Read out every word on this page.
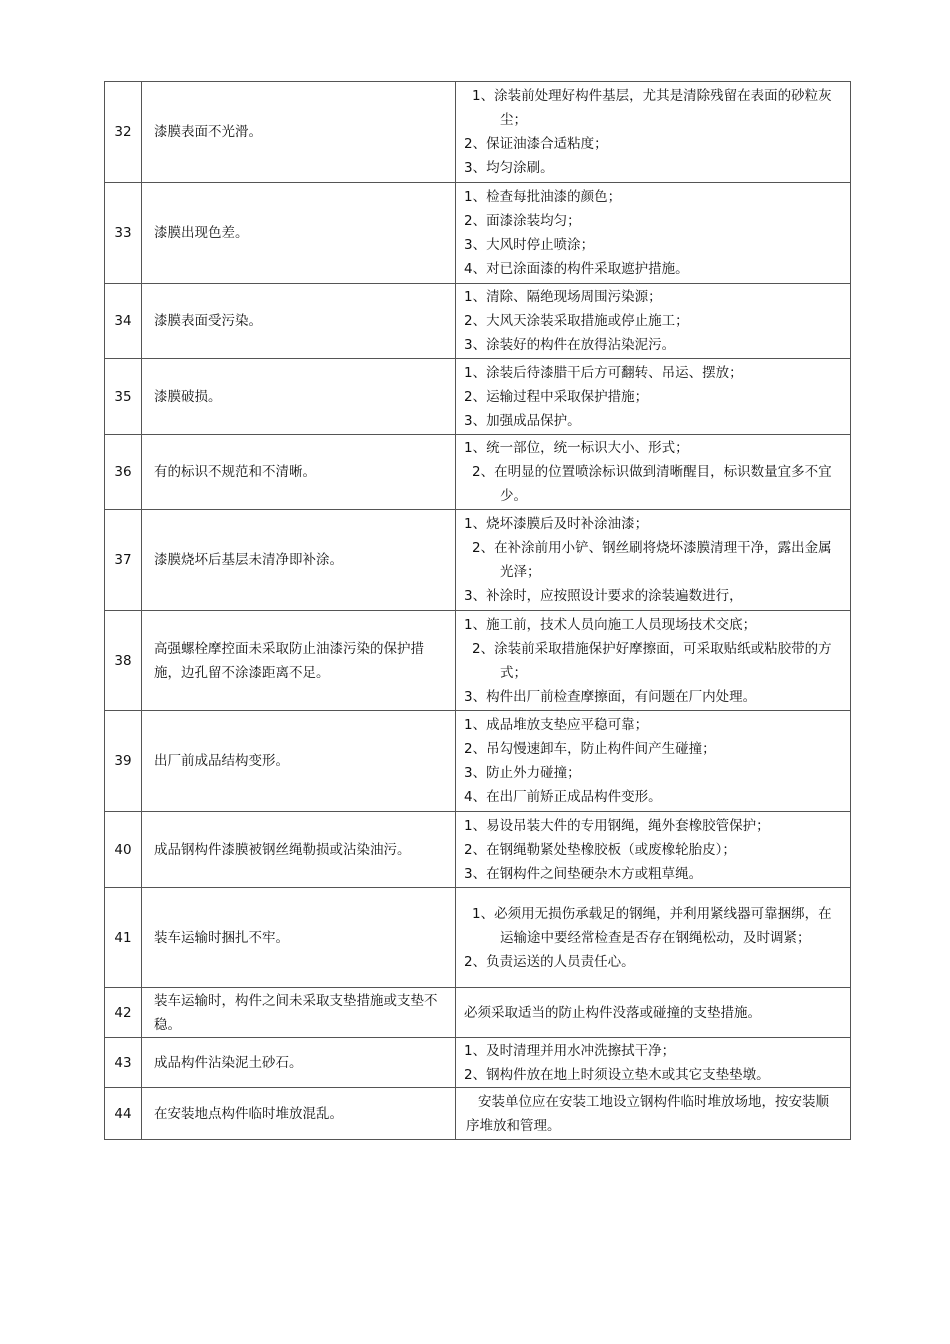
32	漆膜表面不光滑。	1、涂装前处理好构件基层，尤其是清除残留在表面的砂粒灰尘；
2、保证油漆合适粘度；
3、均匀涂刷。

33	漆膜出现色差。	1、检查每批油漆的颜色；
2、面漆涂装均匀；
3、大风时停止喷涂；
4、对已涂面漆的构件采取遮护措施。

34	漆膜表面受污染。	1、清除、隔绝现场周围污染源；
2、大风天涂装采取措施或停止施工；
3、涂装好的构件在放得沾染泥污。

35	漆膜破损。	1、涂装后待漆腊干后方可翻转、吊运、摆放；
2、运输过程中采取保护措施；
3、加强成品保护。

36	有的标识不规范和不清晰。	1、统一部位，统一标识大小、形式；
2、在明显的位置喷涂标识做到清晰醒目，标识数量宜多不宜少。

37	漆膜烧坏后基层未清净即补涂。	1、烧坏漆膜后及时补涂油漆；
2、在补涂前用小铲、钢丝刷将烧坏漆膜清理干净，露出金属光泽；
3、补涂时，应按照设计要求的涂装遍数进行，

38	高强螺栓摩控面未采取防止油漆污染的保护措施，边孔留不涂漆距离不足。	1、施工前，技术人员向施工人员现场技术交底；
2、涂装前采取措施保护好摩擦面，可采取贴纸或粘胶带的方式；
3、构件出厂前检查摩擦面，有问题在厂内处理。

39	出厂前成品结构变形。	1、成品堆放支垫应平稳可靠；
2、吊勾慢速卸车，防止构件间产生碰撞；
3、防止外力碰撞；
4、在出厂前矫正成品构件变形。

40	成品钢构件漆膜被钢丝绳勒损或沾染油污。	1、易设吊装大件的专用钢绳，绳外套橡胶管保护；
2、在钢绳勒紧处垫橡胶板（或废橡轮胎皮）；
3、在钢构件之间垫硬杂木方或粗草绳。

41	装车运输时捆扎不牢。	1、必须用无损伤承载足的钢绳，并利用紧线器可靠捆绑，在运输途中要经常检查是否存在钢绳松动，及时调紧；
2、负责运送的人员责任心。

42	装车运输时，构件之间未采取支垫措施或支垫不稳。	必须采取适当的防止构件没落或碰撞的支垫措施。

43	成品构件沾染泥土砂石。	1、及时清理并用水冲洗擦拭干净；
2、钢构件放在地上时须设立垫木或其它支垫垫墩。

44	在安装地点构件临时堆放混乱。	安装单位应在安装工地设立钢构件临时堆放场地，按安装顺序堆放和管理。
